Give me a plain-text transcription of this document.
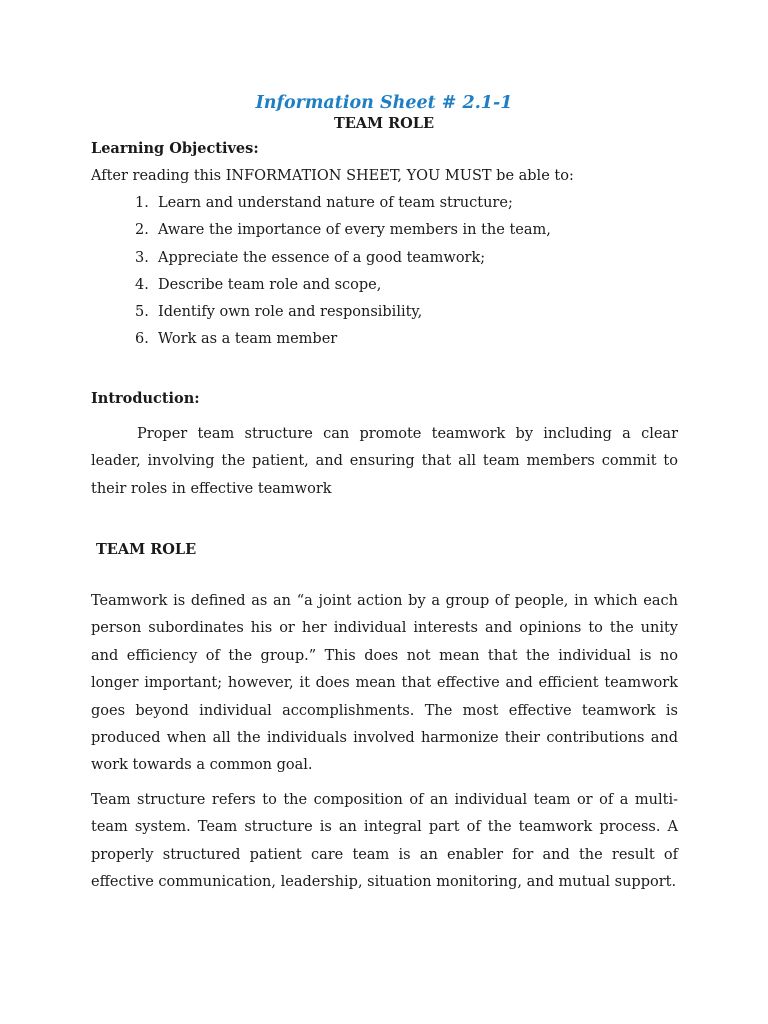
Information Sheet # 2.1-1
TEAM ROLE
Learning Objectives:
After reading this INFORMATION SHEET, YOU MUST be able to:
1. Learn and understand nature of team structure;
2. Aware the importance of every members in the team,
3. Appreciate the essence of a good teamwork;
4. Describe team role and scope,
5. Identify own role and responsibility,
6. Work as a team member
Introduction:

Proper team structure can promote teamwork by including a clear leader, involving the patient, and ensuring that all team members commit to their roles in effective teamwork

TEAM ROLE

Teamwork is defined as an “a joint action by a group of people, in which each person subordinates his or her individual interests and opinions to the unity and efficiency of the group.” This does not mean that the individual is no longer important; however, it does mean that effective and efficient teamwork goes beyond individual accomplishments. The most effective teamwork is produced when all the individuals involved harmonize their contributions and work towards a common goal.

Team structure refers to the composition of an individual team or of a multi-team system. Team structure is an integral part of the teamwork process. A properly structured patient care team is an enabler for and the result of effective communication, leadership, situation monitoring, and mutual support.
